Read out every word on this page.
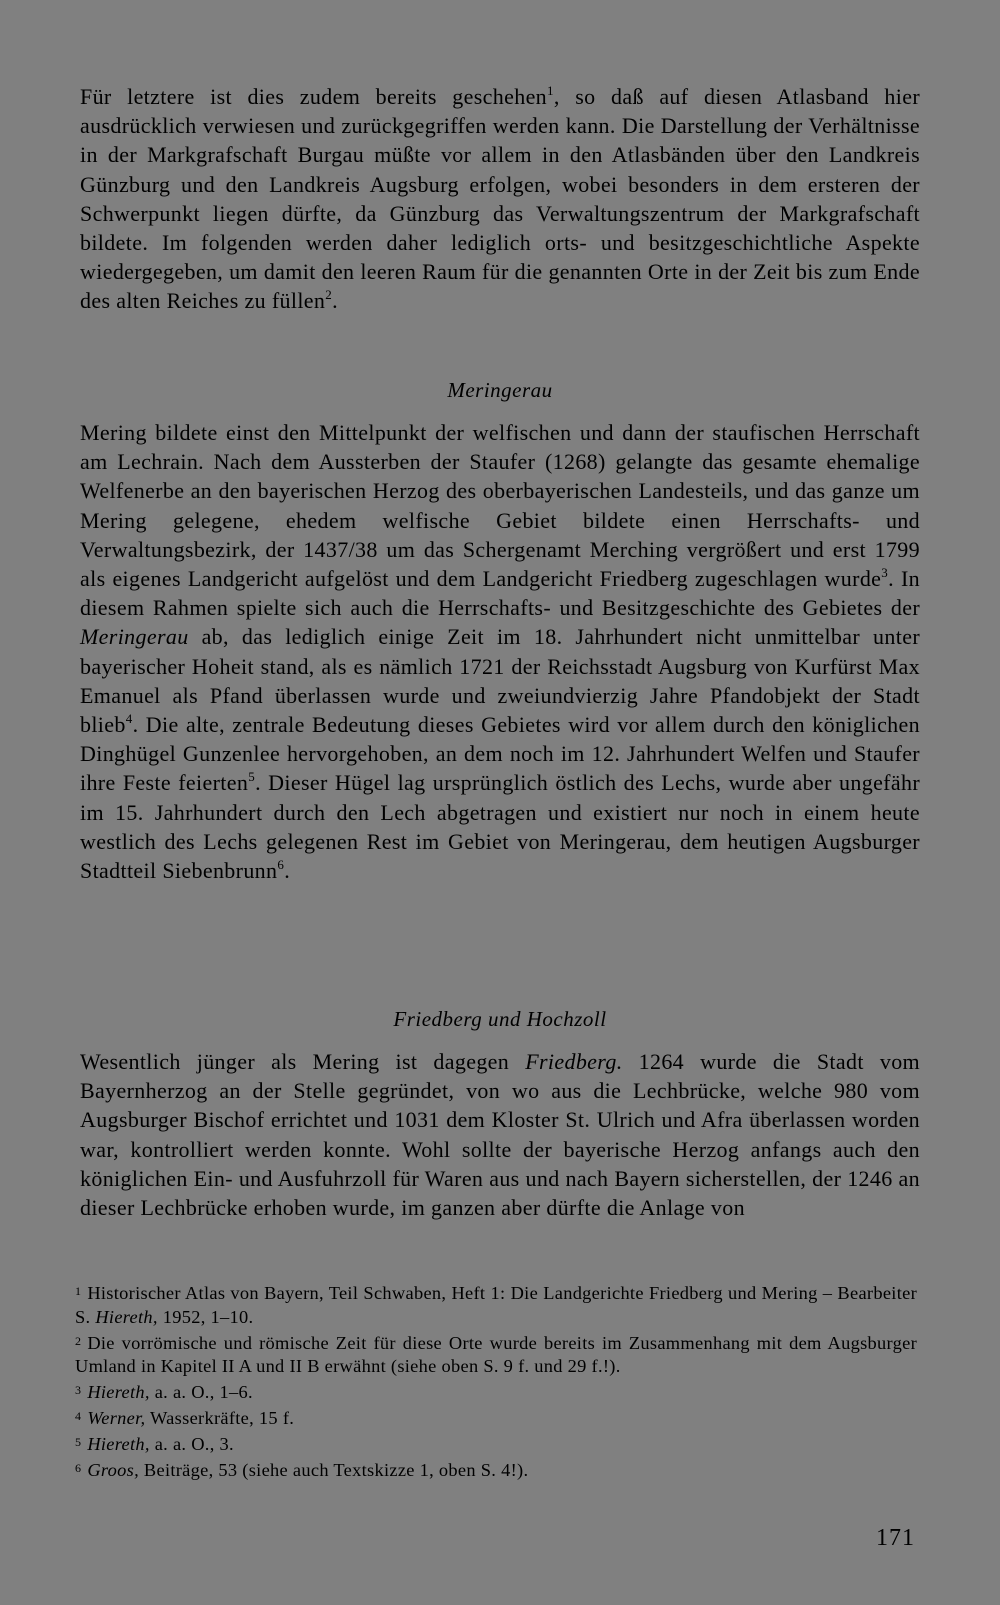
Für letztere ist dies zudem bereits geschehen$^1$, so daß auf diesen Atlasband hier ausdrücklich verwiesen und zurückgegriffen werden kann. Die Darstellung der Verhältnisse in der Markgrafschaft Burgau müßte vor allem in den Atlasbänden über den Landkreis Günzburg und den Landkreis Augsburg erfolgen, wobei besonders in dem ersteren der Schwerpunkt liegen dürfte, da Günzburg das Verwaltungszentrum der Markgrafschaft bildete. Im folgenden werden daher lediglich orts- und besitzgeschichtliche Aspekte wiedergegeben, um damit den leeren Raum für die genannten Orte in der Zeit bis zum Ende des alten Reiches zu füllen$^2$.

Meringerau

Mering bildete einst den Mittelpunkt der welfischen und dann der staufischen Herrschaft am Lechrain. Nach dem Aussterben der Staufer (1268) gelangte das gesamte ehemalige Welfenerbe an den bayerischen Herzog des oberbayerischen Landesteils, und das ganze um Mering gelegene, ehedem welfische Gebiet bildete einen Herrschafts- und Verwaltungsbezirk, der 1437/38 um das Schergenamt Merching vergrößert und erst 1799 als eigenes Landgericht aufgelöst und dem Landgericht Friedberg zugeschlagen wurde$^3$. In diesem Rahmen spielte sich auch die Herrschafts- und Besitzgeschichte des Gebietes der Meringerau ab, das lediglich einige Zeit im 18. Jahrhundert nicht unmittelbar unter bayerischer Hoheit stand, als es nämlich 1721 der Reichsstadt Augsburg von Kurfürst Max Emanuel als Pfand überlassen wurde und zweiundvierzig Jahre Pfandobjekt der Stadt blieb$^4$. Die alte, zentrale Bedeutung dieses Gebietes wird vor allem durch den königlichen Dinghügel Gunzenlee hervorgehoben, an dem noch im 12. Jahrhundert Welfen und Staufer ihre Feste feierten$^5$. Dieser Hügel lag ursprünglich östlich des Lechs, wurde aber ungefähr im 15. Jahrhundert durch den Lech abgetragen und existiert nur noch in einem heute westlich des Lechs gelegenen Rest im Gebiet von Meringerau, dem heutigen Augsburger Stadtteil Siebenbrunn$^6$.

Friedberg und Hochzoll

Wesentlich jünger als Mering ist dagegen Friedberg. 1264 wurde die Stadt vom Bayernherzog an der Stelle gegründet, von wo aus die Lechbrücke, welche 980 vom Augsburger Bischof errichtet und 1031 dem Kloster St. Ulrich und Afra überlassen worden war, kontrolliert werden konnte. Wohl sollte der bayerische Herzog anfangs auch den königlichen Ein- und Ausfuhrzoll für Waren aus und nach Bayern sicherstellen, der 1246 an dieser Lechbrücke erhoben wurde, im ganzen aber dürfte die Anlage von

$^1$ Historischer Atlas von Bayern, Teil Schwaben, Heft 1: Die Landgerichte Friedberg und Mering – Bearbeiter S. Hiereth, 1952, 1–10.
$^2$ Die vorrömische und römische Zeit für diese Orte wurde bereits im Zusammenhang mit dem Augsburger Umland in Kapitel II A und II B erwähnt (siehe oben S. 9 f. und 29 f.!).
$^3$ Hiereth, a. a. O., 1–6.
$^4$ Werner, Wasserkräfte, 15 f.
$^5$ Hiereth, a. a. O., 3.
$^6$ Groos, Beiträge, 53 (siehe auch Textskizze 1, oben S. 4!).
171
